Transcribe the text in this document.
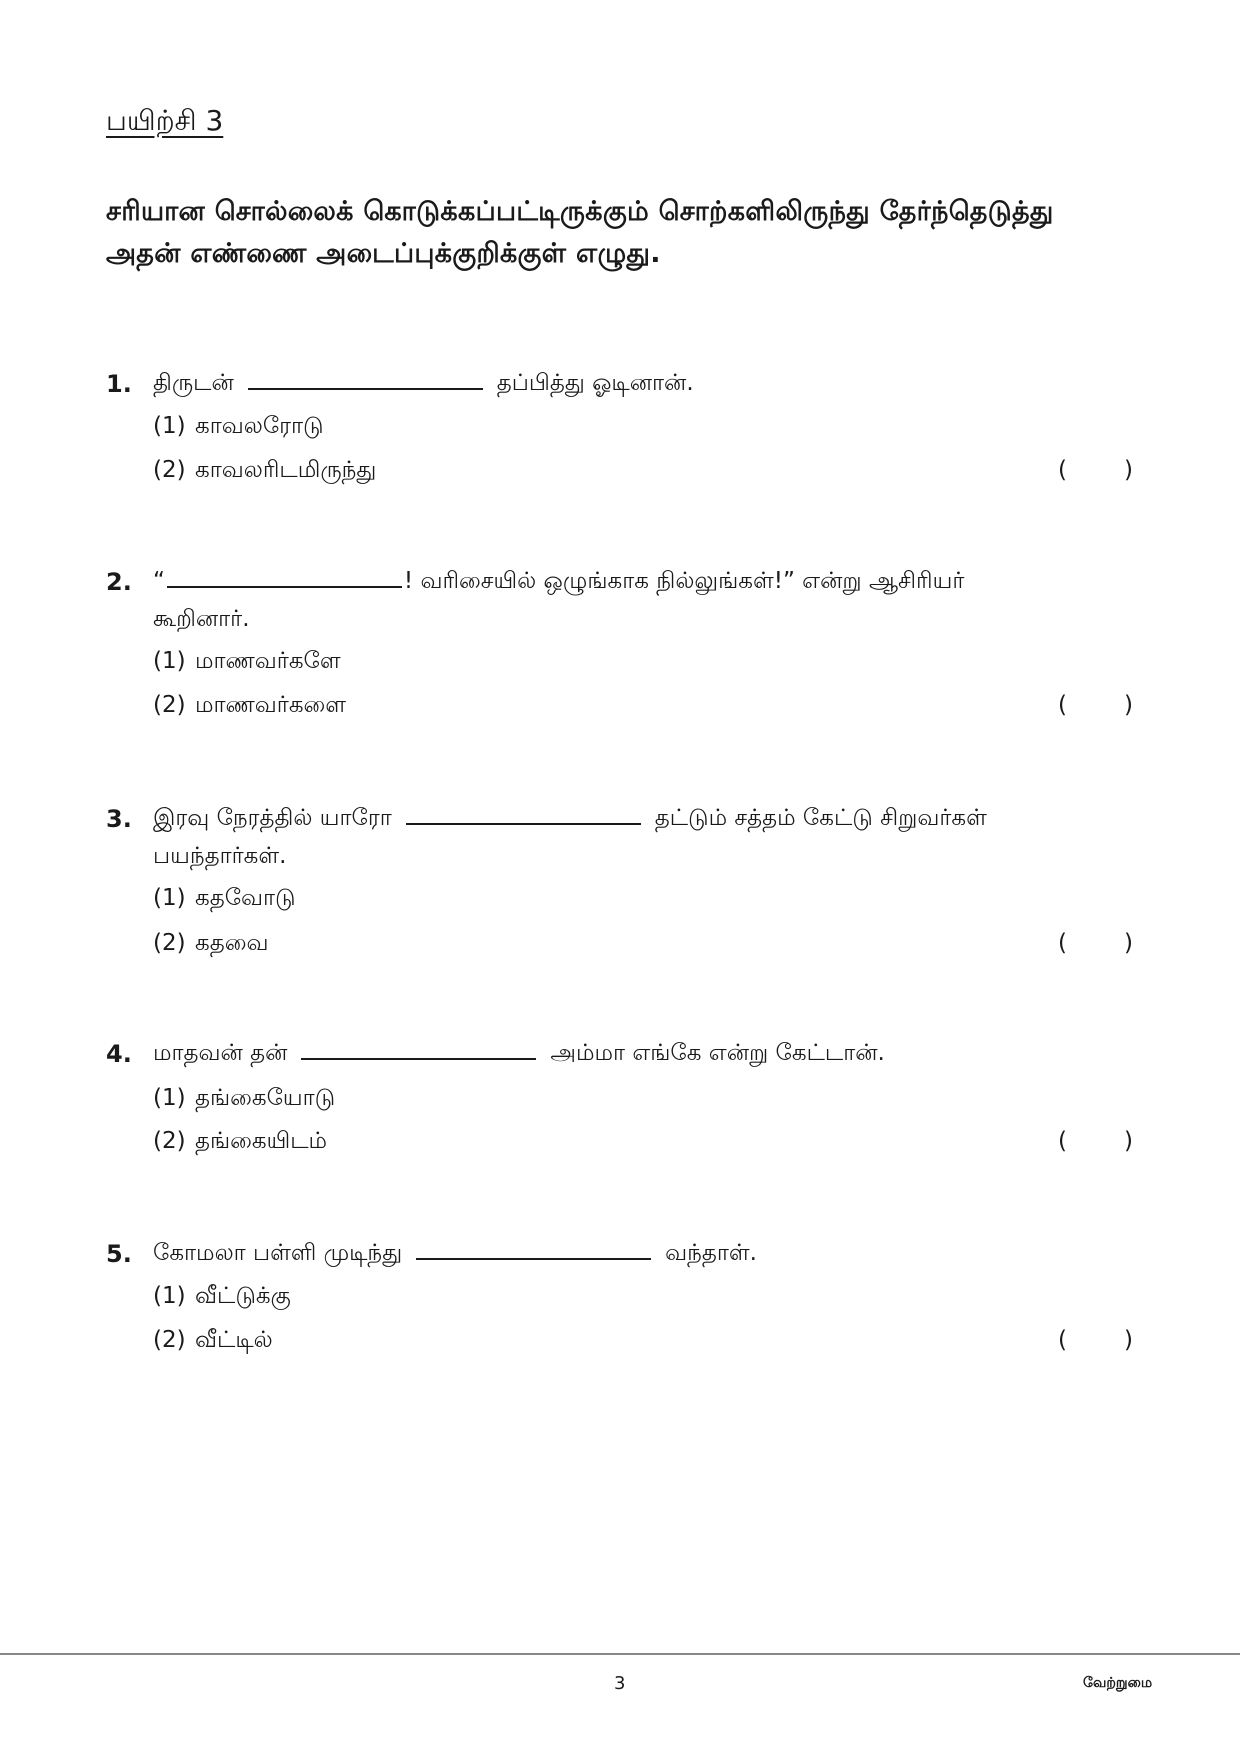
பயிற்சி 3
சரியான சொல்லைக் கொடுக்கப்பட்டிருக்கும் சொற்களிலிருந்து தேர்ந்தெடுத்து
அதன் எண்ணை அடைப்புக்குறிக்குள் எழுது.
1. திருடன்	தப்பித்து ஓடினான்.
(1) காவலரோடு
(2) காவலரிடமிருந்து	( )
2. “	! வரிசையில் ஒழுங்காக நில்லுங்கள்!” என்று ஆசிரியர்
கூறினார்.
(1) மாணவர்களே
(2) மாணவர்களை	( )
3. இரவு நேரத்தில் யாரோ	தட்டும் சத்தம் கேட்டு சிறுவர்கள்
பயந்தார்கள்.
(1) கதவோடு
(2) கதவை	( )
4. மாதவன் தன்	அம்மா எங்கே என்று கேட்டான்.
(1) தங்கையோடு
(2) தங்கையிடம்	( )
5. கோமலா பள்ளி முடிந்து	வந்தாள்.
(1) வீட்டுக்கு
(2) வீட்டில்	( )
3	வேற்றுமை
